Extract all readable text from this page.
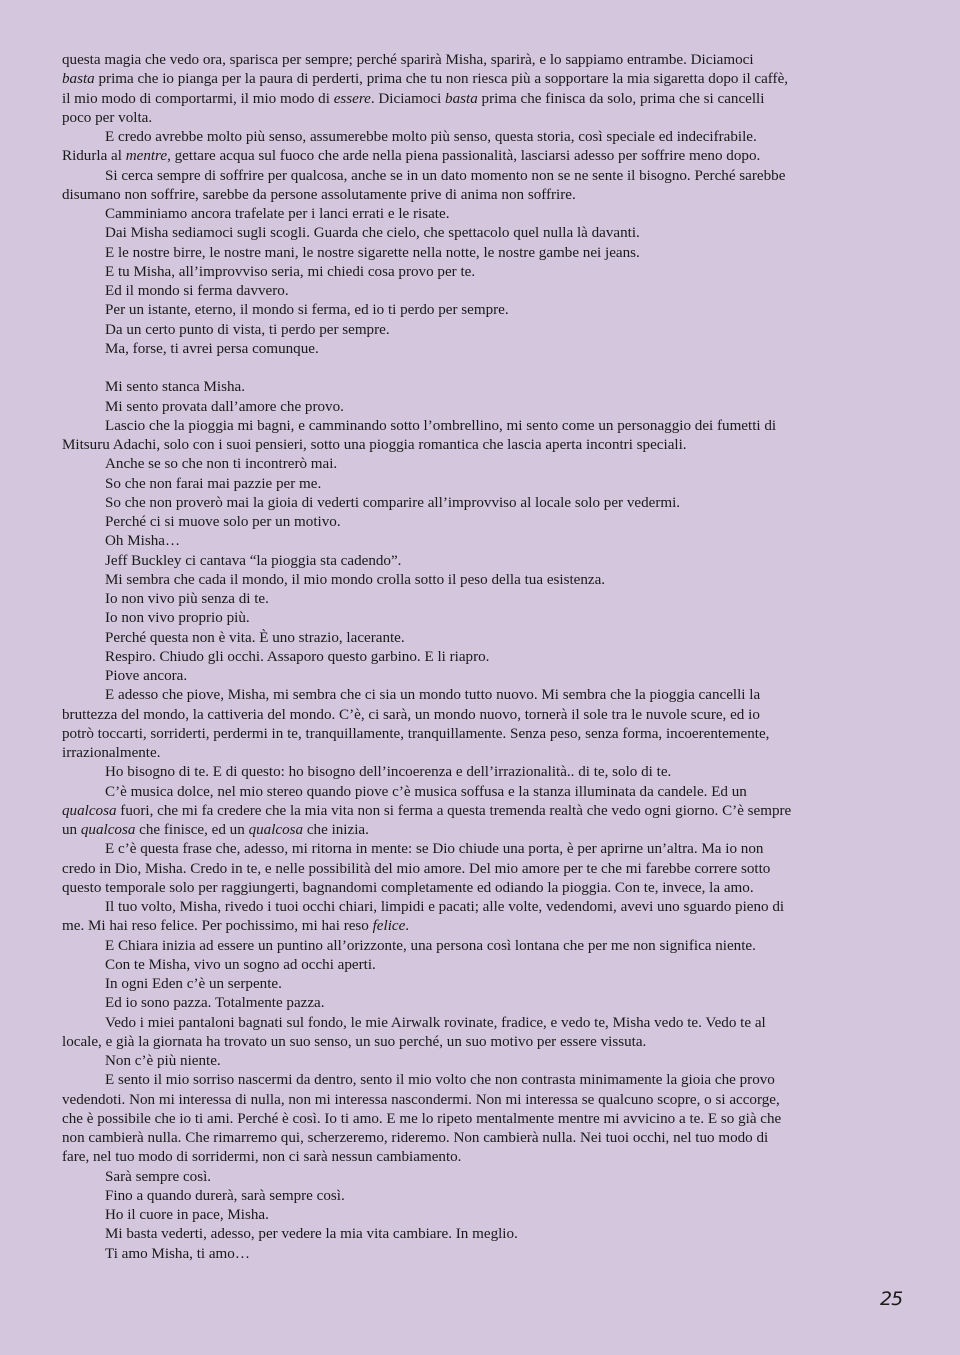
questa magia che vedo ora, sparisca per sempre; perché sparirà Misha, sparirà, e lo sappiamo entrambe. Diciamoci
basta prima che io pianga per la paura di perderti, prima che tu non riesca più a sopportare la mia sigaretta dopo il caffè,
il mio modo di comportarmi, il mio modo di essere. Diciamoci basta prima che finisca da solo, prima che si cancelli
poco per volta.
E credo avrebbe molto più senso, assumerebbe molto più senso, questa storia, così speciale ed indecifrabile.
Ridurla al mentre, gettare acqua sul fuoco che arde nella piena passionalità, lasciarsi adesso per soffrire meno dopo.
Si cerca sempre di soffrire per qualcosa, anche se in un dato momento non se ne sente il bisogno. Perché sarebbe
disumano non soffrire, sarebbe da persone assolutamente prive di anima non soffrire.
Camminiamo ancora trafelate per i lanci errati e le risate.
Dai Misha sediamoci sugli scogli. Guarda che cielo, che spettacolo quel nulla là davanti.
E le nostre birre, le nostre mani, le nostre sigarette nella notte, le nostre gambe nei jeans.
E tu Misha, all’improvviso seria, mi chiedi cosa provo per te.
Ed il mondo si ferma davvero.
Per un istante, eterno, il mondo si ferma, ed io ti perdo per sempre.
Da un certo punto di vista, ti perdo per sempre.
Ma, forse, ti avrei persa comunque.
Mi sento stanca Misha.
Mi sento provata dall’amore che provo.
Lascio che la pioggia mi bagni, e camminando sotto l’ombrellino, mi sento come un personaggio dei fumetti di
Mitsuru Adachi, solo con i suoi pensieri, sotto una pioggia romantica che lascia aperta incontri speciali.
Anche se so che non ti incontrerò mai.
So che non farai mai pazzie per me.
So che non proverò mai la gioia di vederti comparire all’improvviso al locale solo per vedermi.
Perché ci si muove solo per un motivo.
Oh Misha…
Jeff Buckley ci cantava “la pioggia sta cadendo”.
Mi sembra che cada il mondo, il mio mondo crolla sotto il peso della tua esistenza.
Io non vivo più senza di te.
Io non vivo proprio più.
Perché questa non è vita. È uno strazio, lacerante.
Respiro. Chiudo gli occhi. Assaporo questo garbino. E li riapro.
Piove ancora.
E adesso che piove, Misha, mi sembra che ci sia un mondo tutto nuovo. Mi sembra che la pioggia cancelli la
bruttezza del mondo, la cattiveria del mondo. C’è, ci sarà, un mondo nuovo, tornerà il sole tra le nuvole scure, ed io
potrò toccarti, sorriderti, perdermi in te, tranquillamente, tranquillamente. Senza peso, senza forma, incoerentemente,
irrazionalmente.
Ho bisogno di te. E di questo: ho bisogno dell’incoerenza e dell’irrazionalità.. di te, solo di te.
C’è musica dolce, nel mio stereo quando piove c’è musica soffusa e la stanza illuminata da candele. Ed un
qualcosa fuori, che mi fa credere che la mia vita non si ferma a questa tremenda realtà che vedo ogni giorno. C’è sempre
un qualcosa che finisce, ed un qualcosa che inizia.
E c’è questa frase che, adesso, mi ritorna in mente: se Dio chiude una porta, è per aprirne un’altra. Ma io non
credo in Dio, Misha. Credo in te, e nelle possibilità del mio amore. Del mio amore per te che mi farebbe correre sotto
questo temporale solo per raggiungerti, bagnandomi completamente ed odiando la pioggia. Con te, invece, la amo.
Il tuo volto, Misha, rivedo i tuoi occhi chiari, limpidi e pacati; alle volte, vedendomi, avevi uno sguardo pieno di
me. Mi hai reso felice. Per pochissimo, mi hai reso felice.
E Chiara inizia ad essere un puntino all’orizzonte, una persona così lontana che per me non significa niente.
Con te Misha, vivo un sogno ad occhi aperti.
In ogni Eden c’è un serpente.
Ed io sono pazza. Totalmente pazza.
Vedo i miei pantaloni bagnati sul fondo, le mie Airwalk rovinate, fradice, e vedo te, Misha vedo te. Vedo te al
locale, e già la giornata ha trovato un suo senso, un suo perché, un suo motivo per essere vissuta.
Non c’è più niente.
E sento il mio sorriso nascermi da dentro, sento il mio volto che non contrasta minimamente la gioia che provo
vedendoti. Non mi interessa di nulla, non mi interessa nascondermi. Non mi interessa se qualcuno scopre, o si accorge,
che è possibile che io ti ami. Perché è così. Io ti amo. E me lo ripeto mentalmente mentre mi avvicino a te. E so già che
non cambierà nulla. Che rimarremo qui, scherzeremo, rideremo. Non cambierà nulla. Nei tuoi occhi, nel tuo modo di
fare, nel tuo modo di sorridermi, non ci sarà nessun cambiamento.
Sarà sempre così.
Fino a quando durerà, sarà sempre così.
Ho il cuore in pace, Misha.
Mi basta vederti, adesso, per vedere la mia vita cambiare. In meglio.
Ti amo Misha, ti amo…
25
